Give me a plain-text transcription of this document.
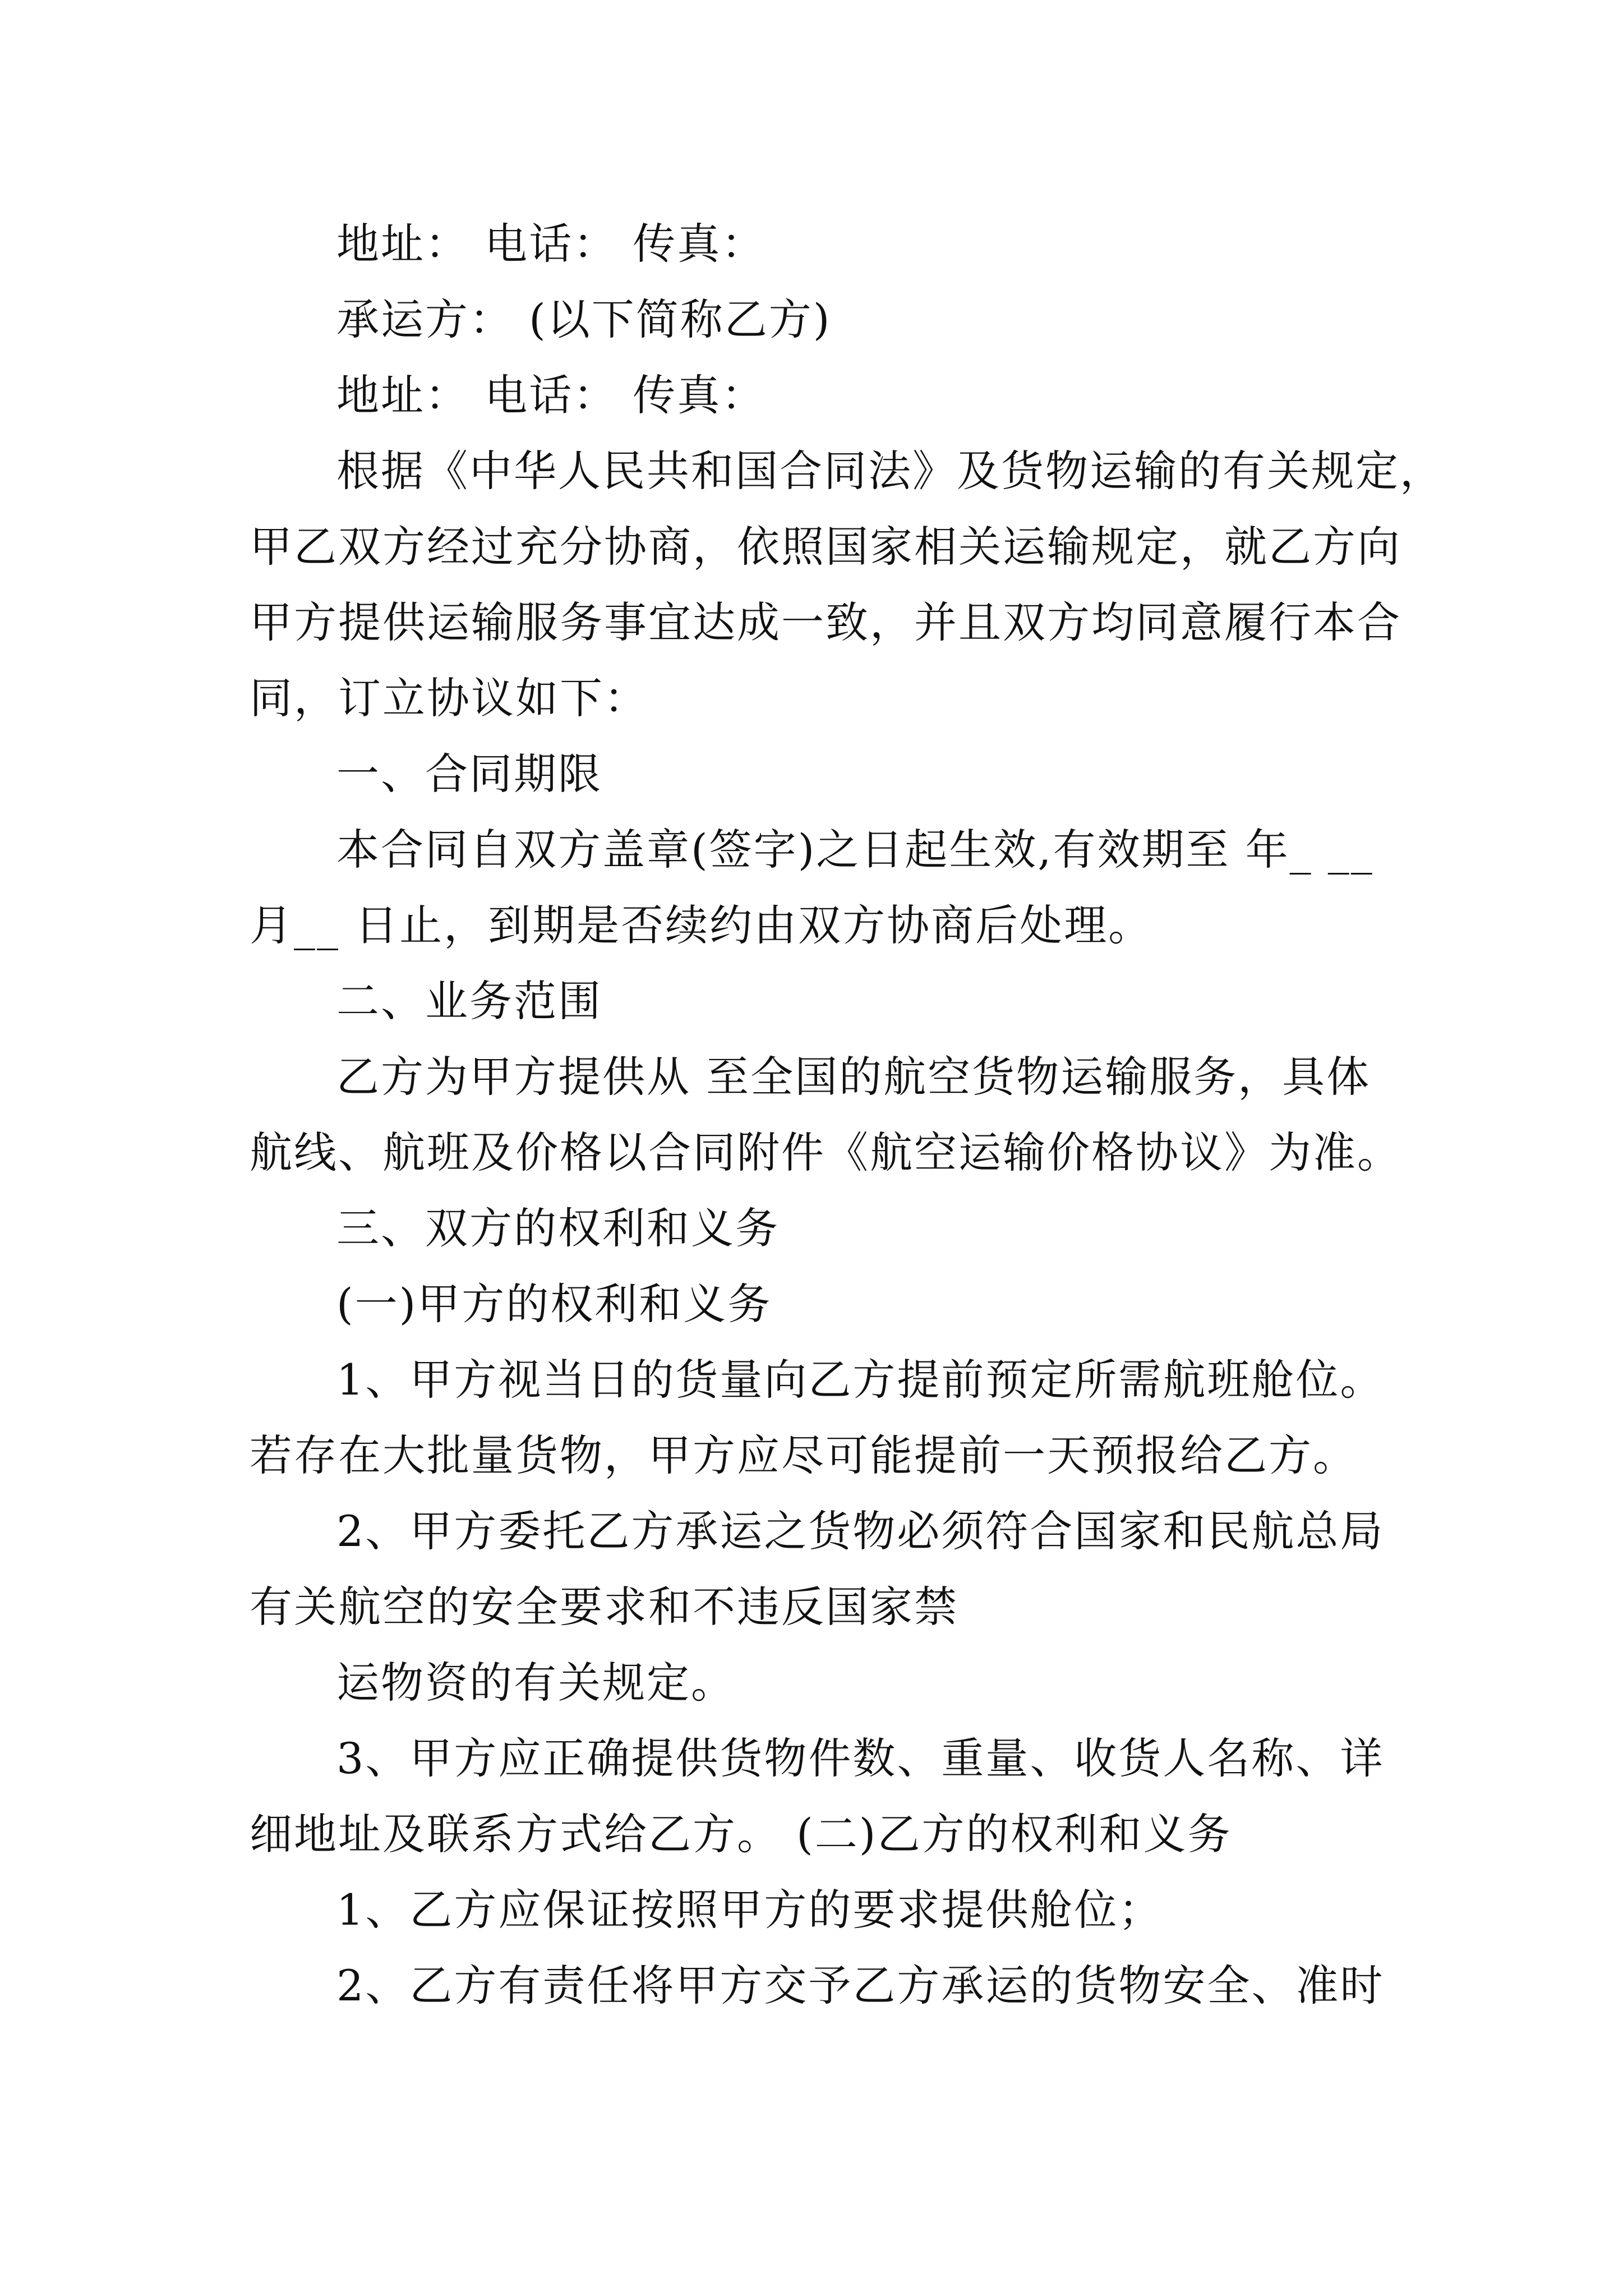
地址： 电话： 传真：
承运方： (以下简称乙方)
地址： 电话： 传真：
根据《中华人民共和国合同法》及货物运输的有关规定，
甲乙双方经过充分协商，依照国家相关运输规定，就乙方向
甲方提供运输服务事宜达成一致，并且双方均同意履行本合
同，订立协议如下：
一、合同期限
本合同自双方盖章(签字)之日起生效,有效期至 年_ __
月__ 日止，到期是否续约由双方协商后处理。
二、业务范围
乙方为甲方提供从 至全国的航空货物运输服务，具体
航线、航班及价格以合同附件《航空运输价格协议》为准。
三、双方的权利和义务
(一)甲方的权利和义务
1、甲方视当日的货量向乙方提前预定所需航班舱位。
若存在大批量货物，甲方应尽可能提前一天预报给乙方。
2、甲方委托乙方承运之货物必须符合国家和民航总局
有关航空的安全要求和不违反国家禁
运物资的有关规定。
3、甲方应正确提供货物件数、重量、收货人名称、详
细地址及联系方式给乙方。 (二)乙方的权利和义务
1、乙方应保证按照甲方的要求提供舱位；
2、乙方有责任将甲方交予乙方承运的货物安全、准时
